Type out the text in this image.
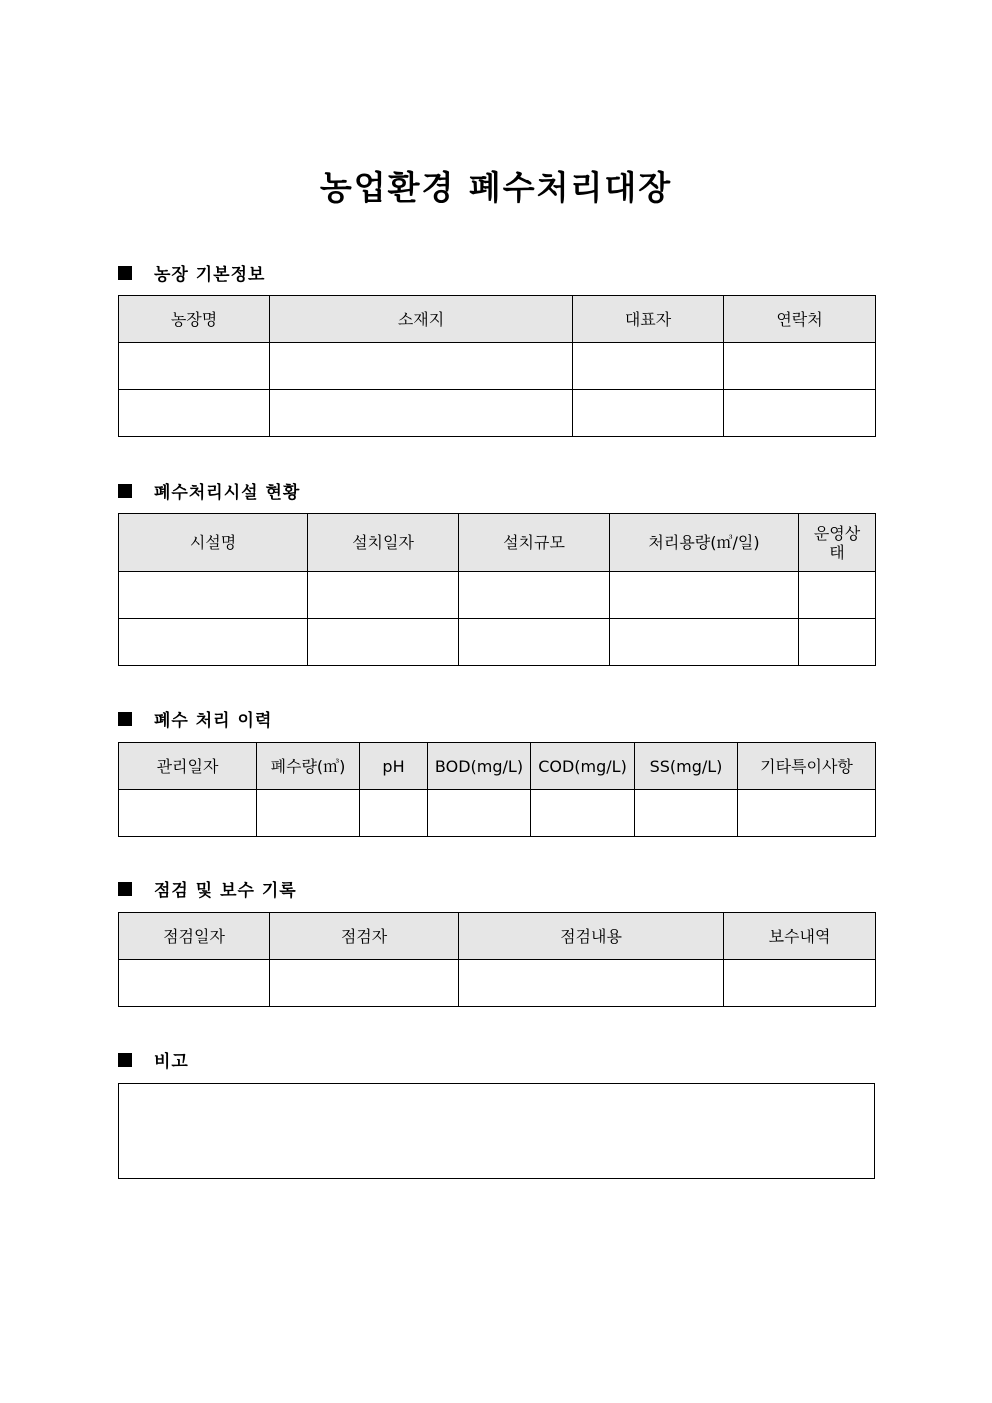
농업환경 폐수처리대장
농장 기본정보
농장명	소재지	대표자	연락처

폐수처리시설 현황
시설명	설치일자	설치규모	처리용량(㎥/일)	운영상태

폐수 처리 이력
관리일자	폐수량(㎥)	pH	BOD(mg/L)	COD(mg/L)	SS(mg/L)	기타특이사항

점검 및 보수 기록
점검일자	점검자	점검내용	보수내역

비고
